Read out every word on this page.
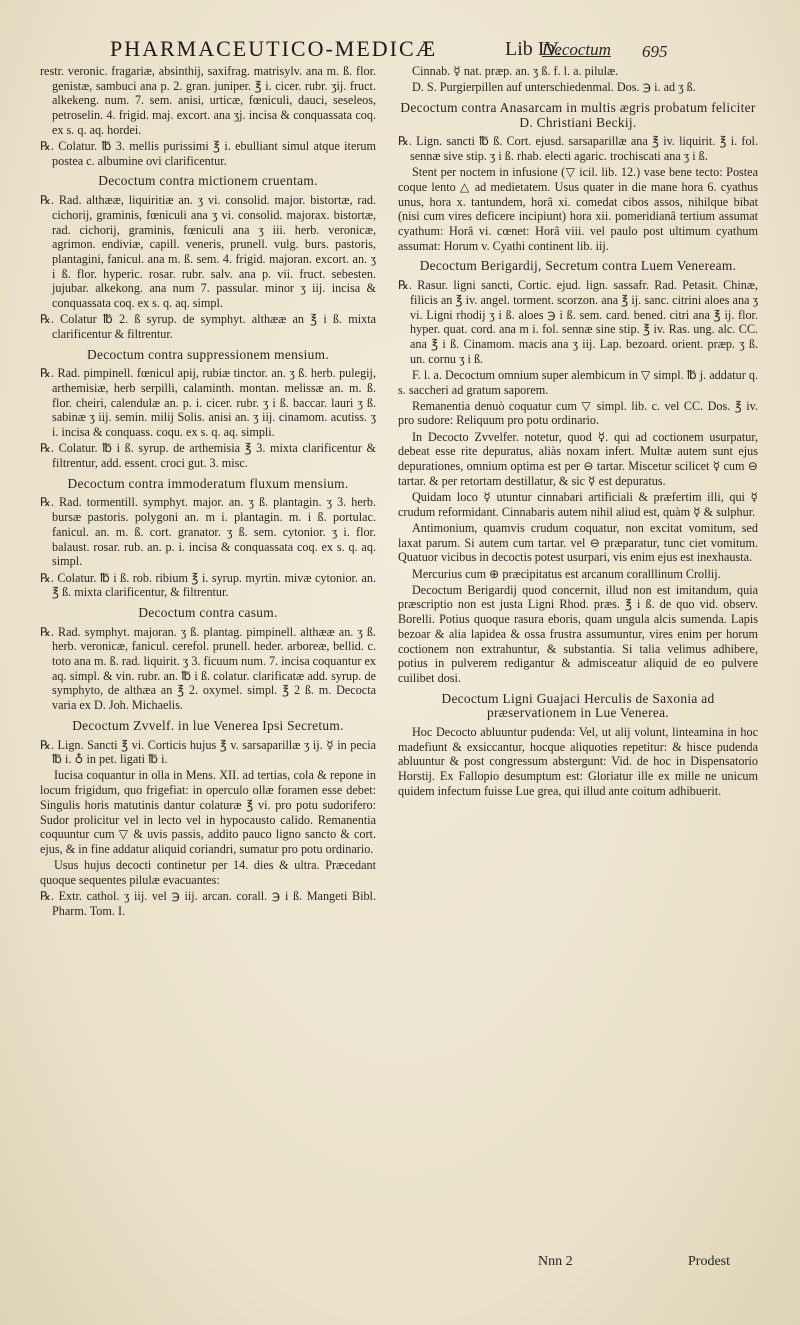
PHARMACEUTICO-MEDICÆ	Lib IV.
Decoctum 695

restr. veronic. fragariæ, absinthij, saxifrag. matrisylv. ana m. ß. flor. genistæ, sambuci ana p. 2. gran. juniper. ℥ i. cicer. rubr. ʒij. fruct. alkekeng. num. 7. sem. anisi, urticæ, fœniculi, dauci, seseleos, petroselin. 4. frigid. maj. excort. ana ʒj. incisa & conquassata coq. ex s. q. aq. hordei.

℞. Colatur. ℔ 3. mellis purissimi ℥ i. ebulliant simul atque iterum postea c. albumine ovi clarificentur.

Decoctum contra mictionem cruentam.

℞. Rad. althææ, liquiritiæ an. ʒ vi. consolid. major. bistortæ, rad. cichorij, graminis, fœniculi ana ʒ vi. consolid. majorax. bistortæ, rad. cichorij, graminis, fœniculi ana ʒ iii. herb. veronicæ, agrimon. endiviæ, capill. veneris, prunell. vulg. burs. pastoris, plantagini, fanicul. ana m. ß. sem. 4. frigid. majoran. excort. an. ʒ i ß. flor. hyperic. rosar. rubr. salv. ana p. vii. fruct. sebesten. jujubar. alkekong. ana num 7. passular. minor ʒ iij. incisa & conquassata coq. ex s. q. aq. simpl.

℞. Colatur ℔ 2. ß syrup. de symphyt. althææ an ℥ i ß. mixta clarificentur & filtrentur.

Decoctum contra suppressionem mensium.

℞. Rad. pimpinell. fœnicul apij, rubiæ tinctor. an. ʒ ß. herb. pulegij, arthemisiæ, herb serpilli, calaminth. montan. melissæ an. m. ß. flor. cheiri, calendulæ an. p. i. cicer. rubr. ʒ i ß. baccar. lauri ʒ ß. sabinæ ʒ iij. semin. milij Solis. anisi an. ʒ iij. cinamom. acutiss. ʒ i. incisa & conquass. coqu. ex s. q. aq. simpli.

℞. Colatur. ℔ i ß. syrup. de arthemisia ℥ 3. mixta clarificentur & filtrentur, add. essent. croci gut. 3. misc.

Decoctum contra immoderatum fluxum mensium.

℞. Rad. tormentill. symphyt. major. an. ʒ ß. plantagin. ʒ 3. herb. bursæ pastoris. polygoni an. m i. plantagin. m. i ß. portulac. fanicul. an. m. ß. cort. granator. ʒ ß. sem. cytonior. ʒ i. flor. balaust. rosar. rub. an. p. i. incisa & conquassata coq. ex s. q. aq. simpl.

℞. Colatur. ℔ i ß. rob. ribium ℥ i. syrup. myrtin. mivæ cytonior. an. ℥ ß. mixta clarificentur, & filtrentur.

Decoctum contra casum.

℞. Rad. symphyt. majoran. ʒ ß. plantag. pimpinell. althææ an. ʒ ß. herb. veronicæ, fanicul. cerefol. prunell. heder. arboreæ, bellid. c. toto ana m. ß. rad. liquirit. ʒ 3. ficuum num. 7. incisa coquantur ex aq. simpl. & vin. rubr. an. ℔ i ß. colatur. clarificatæ add. syrup. de symphyto, de althæa an ℥ 2. oxymel. simpl. ℥ 2 ß. m. Decocta varia ex D. Joh. Michaelis.

Decoctum Zvvelf. in lue Venerea Ipsi Secretum.

℞. Lign. Sancti ℥ vi. Corticis hujus ℥ v. sarsaparillæ ʒ ij. ☿ in pecia ℔ i. ♁ in pet. ligati ℔ i.

Iucisa coquantur in olla in Mens. XII. ad tertias, cola & repone in locum frigidum, quo frigefiat: in operculo ollæ foramen esse debet: Singulis horis matutinis dantur colaturæ ℥ vi. pro potu sudorifero: Sudor prolicitur vel in lecto vel in hypocausto calido. Remanentia coquuntur cum ▽ & uvis passis, addito pauco ligno sancto & cort. ejus, & in fine addatur aliquid coriandri, sumatur pro potu ordinario.

Usus hujus decocti continetur per 14. dies & ultra. Præcedant quoque sequentes pilulæ evacuantes:

℞. Extr. cathol. ʒ iij. vel ℈ iij. arcan. corall. ℈ i ß. Mangeti Bibl. Pharm. Tom. I.

Cinnab. ☿ nat. præp. an. ʒ ß. f. l. a. pilulæ.

D. S. Purgierpillen auf unterschiedenmal. Dos. ℈ i. ad ʒ ß.

Decoctum contra Anasarcam in multis ægris probatum feliciter D. Christiani Beckij.

℞. Lign. sancti ℔ ß. Cort. ejusd. sarsaparillæ ana ℥ iv. liquirit. ℥ i. fol. sennæ sive stip. ʒ i ß. rhab. electi agaric. trochiscati ana ʒ i ß.

Stent per noctem in infusione (▽ icil. lib. 12.) vase bene tecto: Postea coque lento △ ad medietatem. Usus quater in die mane hora 6. cyathus unus, hora x. tantundem, horâ xi. comedat cibos assos, nihilque bibat (nisi cum vires deficere incipiunt) hora xii. pomeridianâ tertium assumat cyathum: Horâ vi. cœnet: Horâ viii. vel paulo post ultimum cyathum assumat: Horum v. Cyathi continent lib. iij.

Decoctum Berigardij, Secretum contra Luem Veneream.

℞. Rasur. ligni sancti, Cortic. ejud. lign. sassafr. Rad. Petasit. Chinæ, filicis an ℥ iv. angel. torment. scorzon. ana ℥ ij. sanc. citrini aloes ana ʒ vi. Ligni rhodij ʒ i ß. aloes ℈ i ß. sem. card. bened. citri ana ℥ ij. flor. hyper. quat. cord. ana m i. fol. sennæ sine stip. ℥ iv. Ras. ung. alc. CC. ana ℥ i ß. Cinamom. macis ana ʒ iij. Lap. bezoard. orient. præp. ʒ ß. un. cornu ʒ i ß.

F. l. a. Decoctum omnium super alembicum in ▽ simpl. ℔ j. addatur q. s. saccheri ad gratum saporem.

Remanentia denuò coquatur cum ▽ simpl. lib. c. vel CC. Dos. ℥ iv. pro sudore: Reliquum pro potu ordinario.

In Decocto Zvvelfer. notetur, quod ☿. qui ad coctionem usurpatur, debeat esse rite depuratus, aliàs noxam infert. Multæ autem sunt ejus depurationes, omnium optima est per ⊖ tartar. Miscetur scilicet ☿ cum ⊖ tartar. & per retortam destillatur, & sic ☿ est depuratus.

Quidam loco ☿ utuntur cinnabari artificiali & præfertim illi, qui ☿ crudum reformidant. Cinnabaris autem nihil aliud est, quàm ☿ & sulphur.

Antimonium, quamvis crudum coquatur, non excitat vomitum, sed laxat parum. Si autem cum tartar. vel ⊖ præparatur, tunc ciet vomitum. Quatuor vicibus in decoctis potest usurpari, vis enim ejus est inexhausta.

Mercurius cum ⊕ præcipitatus est arcanum coralllinum Crollij.

Decoctum Berigardij quod concernit, illud non est imitandum, quia præscriptio non est justa Ligni Rhod. præs. ℥ i ß. de quo vid. observ. Borelli. Potius quoque rasura eboris, quam ungula alcis sumenda. Lapis bezoar & alia lapidea & ossa frustra assumuntur, vires enim per horum coctionem non extrahuntur, & substantia. Si talia velimus adhibere, potius in pulverem redigantur & admisceatur aliquid de eo pulvere cuilibet dosi.

Decoctum Ligni Guajaci Herculis de Saxonia ad præservationem in Lue Venerea.

Hoc Decocto abluuntur pudenda: Vel, ut alij volunt, linteamina in hoc madefiunt & exsiccantur, hocque aliquoties repetitur: & hisce pudenda abluuntur & post congressum abstergunt: Vid. de hoc in Dispensatorio Horstij. Ex Fallopio desumptum est: Gloriatur ille ex mille ne unicum quidem infectum fuisse Lue grea, qui illud ante coitum adhibuerit.

Nnn 2	Prodest
